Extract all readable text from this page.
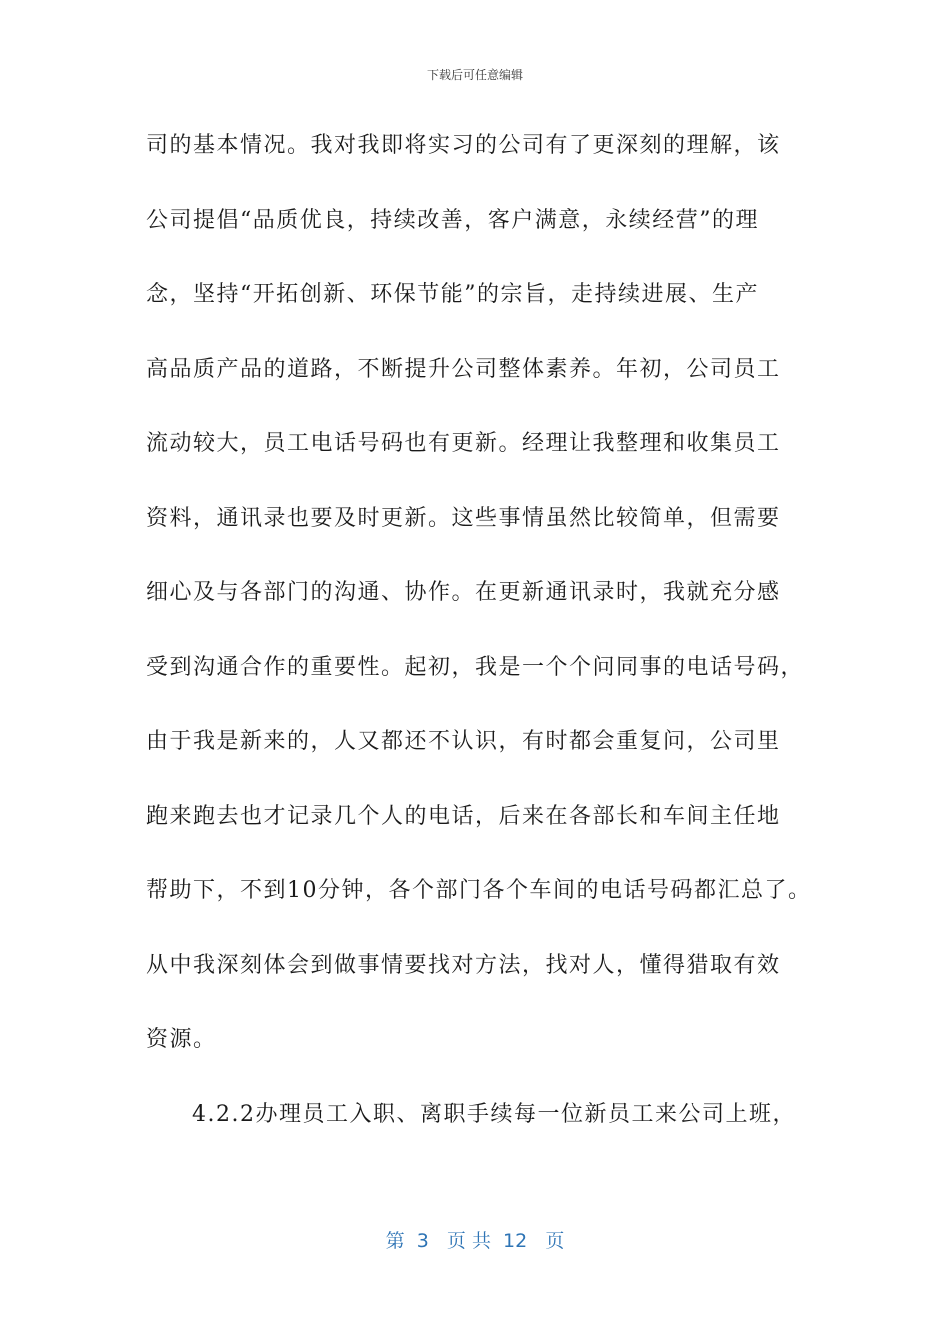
下载后可任意编辑
司的基本情况。我对我即将实习的公司有了更深刻的理解，该
公司提倡“品质优良，持续改善，客户满意，永续经营”的理
念，坚持“开拓创新、环保节能”的宗旨，走持续进展、生产
高品质产品的道路，不断提升公司整体素养。年初，公司员工
流动较大，员工电话号码也有更新。经理让我整理和收集员工
资料，通讯录也要及时更新。这些事情虽然比较简单，但需要
细心及与各部门的沟通、协作。在更新通讯录时，我就充分感
受到沟通合作的重要性。起初，我是一个个问同事的电话号码，
由于我是新来的，人又都还不认识，有时都会重复问，公司里
跑来跑去也才记录几个人的电话，后来在各部长和车间主任地
帮助下，不到10分钟，各个部门各个车间的电话号码都汇总了。
从中我深刻体会到做事情要找对方法，找对人，懂得猎取有效
资源。
4.2.2办理员工入职、离职手续每一位新员工来公司上班，
第  3   页 共  12   页
